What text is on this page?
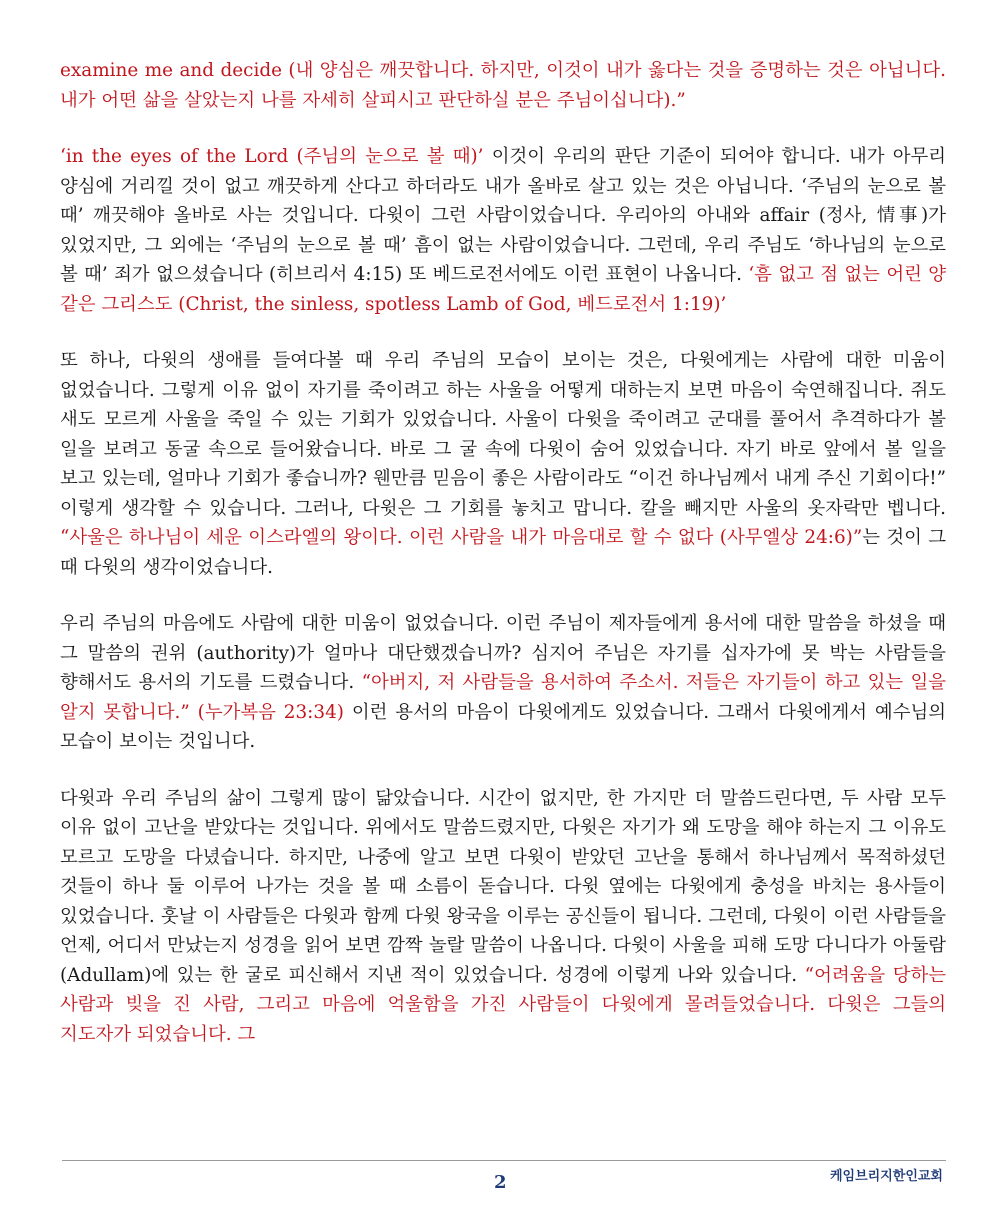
examine me and decide (내 양심은 깨끗합니다. 하지만, 이것이 내가 옳다는 것을 증명하는 것은 아닙니다. 내가 어떤 삶을 살았는지 나를 자세히 살피시고 판단하실 분은 주님이십니다).”

‘in the eyes of the Lord (주님의 눈으로 볼 때)’ 이것이 우리의 판단 기준이 되어야 합니다. 내가 아무리 양심에 거리낄 것이 없고 깨끗하게 산다고 하더라도 내가 올바로 살고 있는 것은 아닙니다. ‘주님의 눈으로 볼 때’ 깨끗해야 올바로 사는 것입니다. 다윗이 그런 사람이었습니다. 우리아의 아내와 affair (정사, 情事)가 있었지만, 그 외에는 ‘주님의 눈으로 볼 때’ 흠이 없는 사람이었습니다. 그런데, 우리 주님도 ‘하나님의 눈으로 볼 때’ 죄가 없으셨습니다 (히브리서 4:15) 또 베드로전서에도 이런 표현이 나옵니다. ‘흠 없고 점 없는 어린 양 같은 그리스도 (Christ, the sinless, spotless Lamb of God, 베드로전서 1:19)’

또 하나, 다윗의 생애를 들여다볼 때 우리 주님의 모습이 보이는 것은, 다윗에게는 사람에 대한 미움이 없었습니다. 그렇게 이유 없이 자기를 죽이려고 하는 사울을 어떻게 대하는지 보면 마음이 숙연해집니다. 쥐도 새도 모르게 사울을 죽일 수 있는 기회가 있었습니다. 사울이 다윗을 죽이려고 군대를 풀어서 추격하다가 볼 일을 보려고 동굴 속으로 들어왔습니다. 바로 그 굴 속에 다윗이 숨어 있었습니다. 자기 바로 앞에서 볼 일을 보고 있는데, 얼마나 기회가 좋습니까? 웬만큼 믿음이 좋은 사람이라도 “이건 하나님께서 내게 주신 기회이다!” 이렇게 생각할 수 있습니다. 그러나, 다윗은 그 기회를 놓치고 맙니다. 칼을 빼지만 사울의 옷자락만 벱니다. “사울은 하나님이 세운 이스라엘의 왕이다. 이런 사람을 내가 마음대로 할 수 없다 (사무엘상 24:6)”는 것이 그 때 다윗의 생각이었습니다.

우리 주님의 마음에도 사람에 대한 미움이 없었습니다. 이런 주님이 제자들에게 용서에 대한 말씀을 하셨을 때 그 말씀의 권위 (authority)가 얼마나 대단했겠습니까? 심지어 주님은 자기를 십자가에 못 박는 사람들을 향해서도 용서의 기도를 드렸습니다. “아버지, 저 사람들을 용서하여 주소서. 저들은 자기들이 하고 있는 일을 알지 못합니다.” (누가복음 23:34) 이런 용서의 마음이 다윗에게도 있었습니다. 그래서 다윗에게서 예수님의 모습이 보이는 것입니다.

다윗과 우리 주님의 삶이 그렇게 많이 닮았습니다. 시간이 없지만, 한 가지만 더 말씀드린다면, 두 사람 모두 이유 없이 고난을 받았다는 것입니다. 위에서도 말씀드렸지만, 다윗은 자기가 왜 도망을 해야 하는지 그 이유도 모르고 도망을 다녔습니다. 하지만, 나중에 알고 보면 다윗이 받았던 고난을 통해서 하나님께서 목적하셨던 것들이 하나 둘 이루어 나가는 것을 볼 때 소름이 돋습니다. 다윗 옆에는 다윗에게 충성을 바치는 용사들이 있었습니다. 훗날 이 사람들은 다윗과 함께 다윗 왕국을 이루는 공신들이 됩니다. 그런데, 다윗이 이런 사람들을 언제, 어디서 만났는지 성경을 읽어 보면 깜짝 놀랄 말씀이 나옵니다. 다윗이 사울을 피해 도망 다니다가 아둘람 (Adullam)에 있는 한 굴로 피신해서 지낸 적이 있었습니다. 성경에 이렇게 나와 있습니다. “어려움을 당하는 사람과 빚을 진 사람, 그리고 마음에 억울함을 가진 사람들이 다윗에게 몰려들었습니다. 다윗은 그들의 지도자가 되었습니다. 그

2	케임브리지한인교회
